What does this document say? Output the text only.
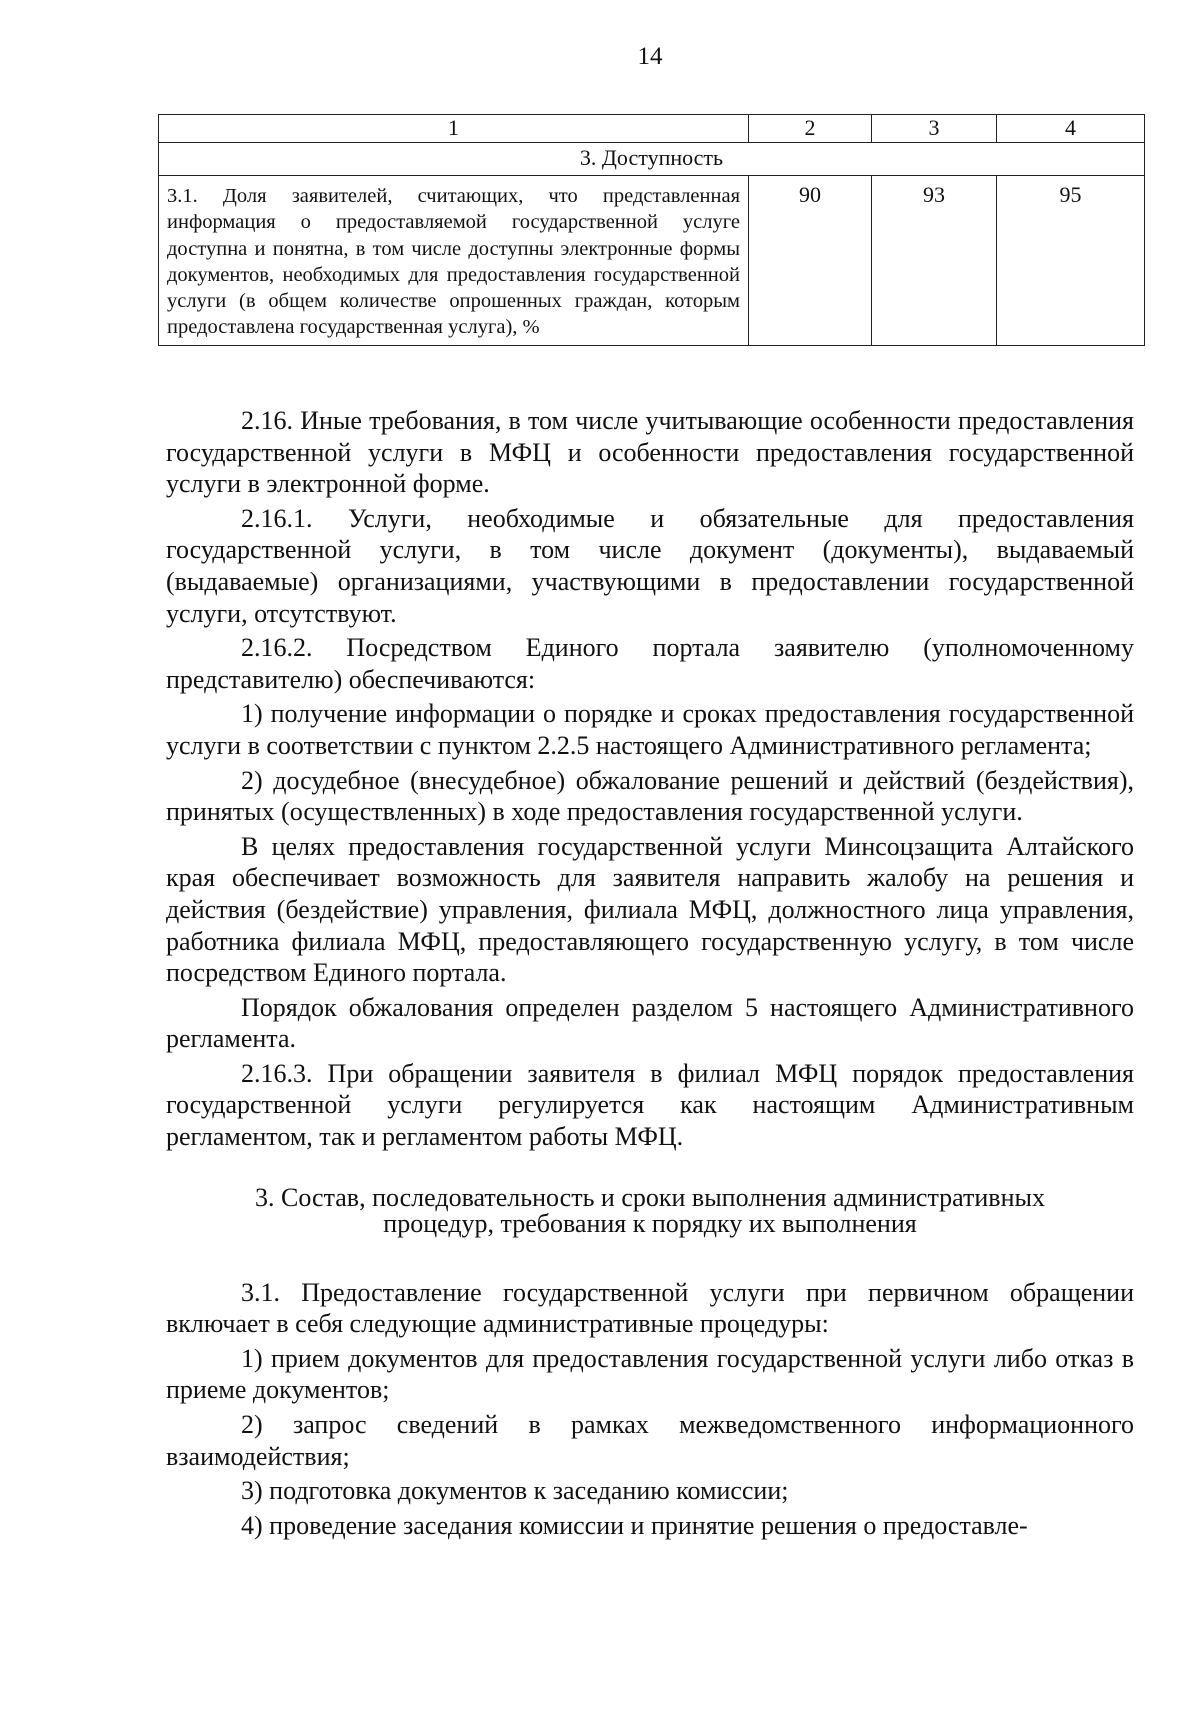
14
1	2	3	4
3. Доступность			
3.1. Доля заявителей, считающих, что представленная информация о предоставляемой государственной услуге доступна и понятна, в том числе доступны электронные формы документов, необходимых для предоставления государственной услуги (в общем количестве опрошенных граждан, которым предоставлена государственная услуга), %	90	93	95

2.16. Иные требования, в том числе учитывающие особенности предоставления государственной услуги в МФЦ и особенности предоставления государственной услуги в электронной форме.

2.16.1. Услуги, необходимые и обязательные для предоставления государственной услуги, в том числе документ (документы), выдаваемый (выдаваемые) организациями, участвующими в предоставлении государственной услуги, отсутствуют.

2.16.2. Посредством Единого портала заявителю (уполномоченному представителю) обеспечиваются:

1) получение информации о порядке и сроках предоставления государственной услуги в соответствии с пунктом 2.2.5 настоящего Административного регламента;

2) досудебное (внесудебное) обжалование решений и действий (бездействия), принятых (осуществленных) в ходе предоставления государственной услуги.

В целях предоставления государственной услуги Минсоцзащита Алтайского края обеспечивает возможность для заявителя направить жалобу на решения и действия (бездействие) управления, филиала МФЦ, должностного лица управления, работника филиала МФЦ, предоставляющего государственную услугу, в том числе посредством Единого портала.

Порядок обжалования определен разделом 5 настоящего Административного регламента.

2.16.3. При обращении заявителя в филиал МФЦ порядок предоставления государственной услуги регулируется как настоящим Административным регламентом, так и регламентом работы МФЦ.

3. Состав, последовательность и сроки выполнения административных процедур, требования к порядку их выполнения

3.1. Предоставление государственной услуги при первичном обращении включает в себя следующие административные процедуры:

1) прием документов для предоставления государственной услуги либо отказ в приеме документов;

2) запрос сведений в рамках межведомственного информационного взаимодействия;

3) подготовка документов к заседанию комиссии;

4) проведение заседания комиссии и принятие решения о предоставле-
